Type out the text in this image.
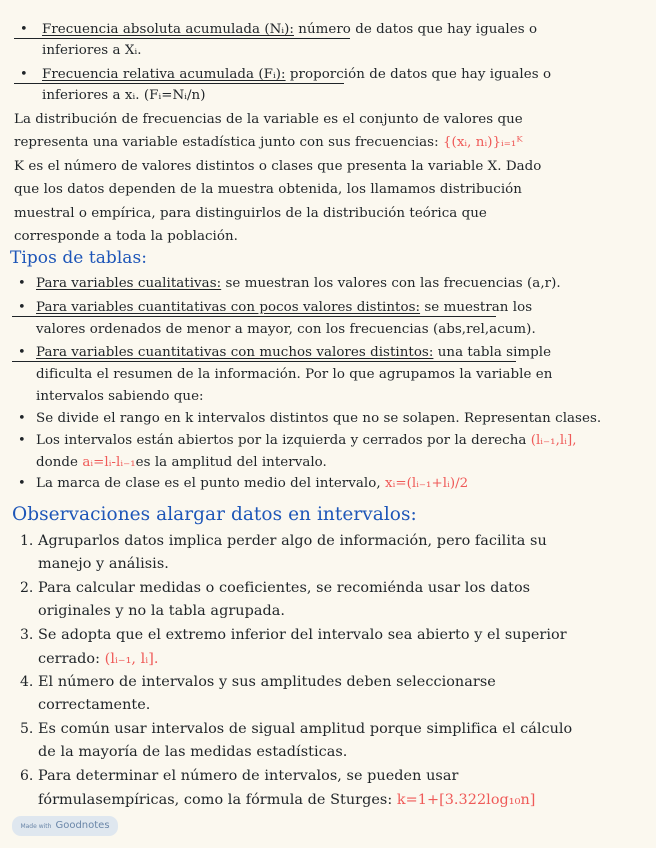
• Frecuencia absoluta acumulada (Nᵢ): número de datos que hay iguales o
inferiores a Xᵢ.
• Frecuencia relativa acumulada (Fᵢ): proporción de datos que hay iguales o
inferiores a xᵢ. (Fᵢ=Nᵢ/n)
La distribución de frecuencias de la variable es el conjunto de valores que
representa una variable estadística junto con sus frecuencias: {(xᵢ, nᵢ)}ᵢ₌₁ᴷ
K es el número de valores distintos o clases que presenta la variable X. Dado
que los datos dependen de la muestra obtenida, los llamamos distribución
muestral o empírica, para distinguirlos de la distribución teórica que
corresponde a toda la población.
Tipos de tablas:
• Para variables cualitativas: se muestran los valores con las frecuencias (a,r).
• Para variables cuantitativas con pocos valores distintos: se muestran los
valores ordenados de menor a mayor, con los frecuencias (abs,rel,acum).
• Para variables cuantitativas con muchos valores distintos: una tabla simple
dificulta el resumen de la información. Por lo que agrupamos la variable en
intervalos sabiendo que:
• Se divide el rango en k intervalos distintos que no se solapen. Representan clases.
• Los intervalos están abiertos por la izquierda y cerrados por la derecha (lᵢ₋₁,lᵢ],
donde aᵢ=lᵢ-lᵢ₋₁es la amplitud del intervalo.
• La marca de clase es el punto medio del intervalo, xᵢ=(lᵢ₋₁+lᵢ)/2
Observaciones alargar datos en intervalos:
1. Agruparlos datos implica perder algo de información, pero facilita su
manejo y análisis.
2. Para calcular medidas o coeficientes, se recomiénda usar los datos
originales y no la tabla agrupada.
3. Se adopta que el extremo inferior del intervalo sea abierto y el superior
cerrado: (lᵢ₋₁, lᵢ].
4. El número de intervalos y sus amplitudes deben seleccionarse
correctamente.
5. Es común usar intervalos de sigual amplitud porque simplifica el cálculo
de la mayoría de las medidas estadísticas.
6. Para determinar el número de intervalos, se pueden usar
fórmulasempíricas, como la fórmula de Sturges: k=1+[3.322log₁₀n]
Made with Goodnotes
